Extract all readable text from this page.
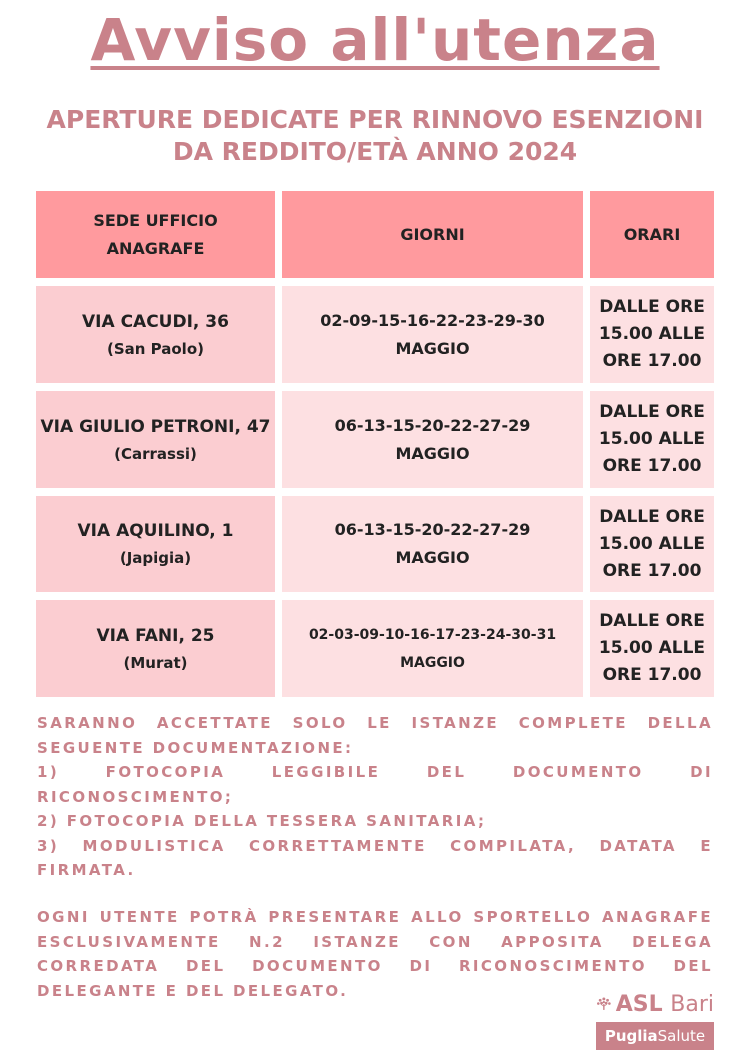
Avviso all'utenza
APERTURE DEDICATE PER RINNOVO ESENZIONI
DA REDDITO/ETÀ ANNO 2024
SEDE UFFICIO
ANAGRAFE
GIORNI	ORARI
VIA CACUDI, 36
(San Paolo)
02-09-15-16-22-23-29-30
MAGGIO
DALLE ORE
15.00 ALLE
ORE 17.00
VIA GIULIO PETRONI, 47
(Carrassi)
06-13-15-20-22-27-29
MAGGIO
DALLE ORE
15.00 ALLE
ORE 17.00
VIA AQUILINO, 1
(Japigia)
06-13-15-20-22-27-29
MAGGIO
DALLE ORE
15.00 ALLE
ORE 17.00
VIA FANI, 25
(Murat)
02-03-09-10-16-17-23-24-30-31
MAGGIO
DALLE ORE
15.00 ALLE
ORE 17.00

SARANNO ACCETTATE SOLO LE ISTANZE COMPLETE DELLA SEGUENTE DOCUMENTAZIONE:

1) FOTOCOPIA LEGGIBILE DEL DOCUMENTO DI RICONOSCIMENTO;

2) FOTOCOPIA DELLA TESSERA SANITARIA;

3) MODULISTICA CORRETTAMENTE COMPILATA, DATATA E FIRMATA.

OGNI UTENTE POTRÀ PRESENTARE ALLO SPORTELLO ANAGRAFE ESCLUSIVAMENTE N.2 ISTANZE CON APPOSITA DELEGA CORREDATA DEL DOCUMENTO DI RICONOSCIMENTO DEL DELEGANTE E DEL DELEGATO.

ASL Bari
Puglia Salute
